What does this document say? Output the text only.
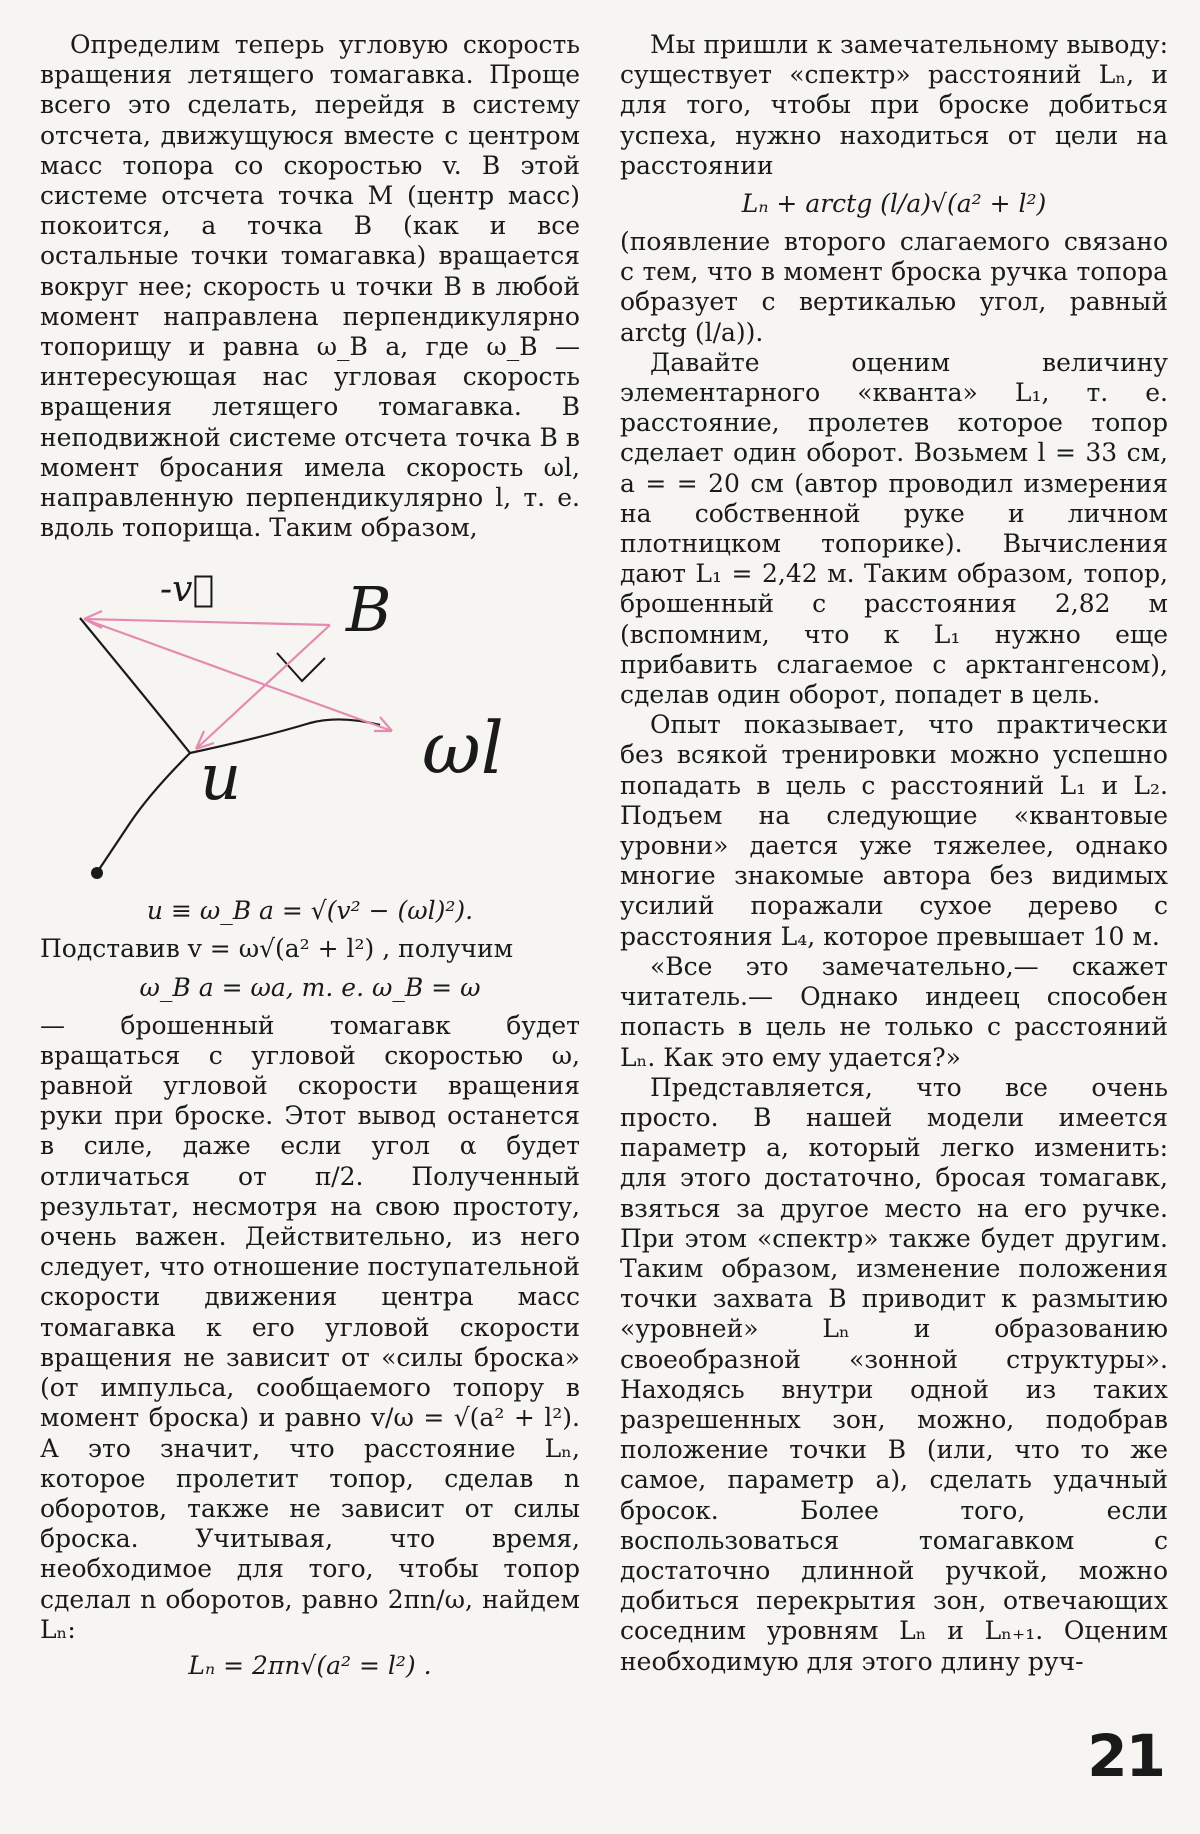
Определим теперь угловую скорость вращения летящего томагавка. Проще всего это сделать, перейдя в систему отсчета, движущуюся вместе с центром масс топора со скоростью v. В этой системе отсчета точка M (центр масс) покоится, а точка B (как и все остальные точки томагавка) вращается вокруг нее; скорость u точки B в любой момент направлена перпендикулярно топорищу и равна ω_B a, где ω_B — интересующая нас угловая скорость вращения летящего томагавка. В неподвижной системе отсчета точка B в момент бросания имела скорость ωl, направленную перпендикулярно l, т. е. вдоль топорища. Таким образом,

-v⃗ B
u	ωl
u ≡ ω_B a = √(v² − (ωl)²).

Подставив v = ω√(a² + l²) , получим

ω_B a = ωa, т. е. ω_B = ω

— брошенный томагавк будет вращаться с угловой скоростью ω, равной угловой скорости вращения руки при броске. Этот вывод останется в силе, даже если угол α будет отличаться от π/2. Полученный результат, несмотря на свою простоту, очень важен. Действительно, из него следует, что отношение поступательной скорости движения центра масс томагавка к его угловой скорости вращения не зависит от «силы броска» (от импульса, сообщаемого топору в момент броска) и равно v/ω = √(a² + l²). А это значит, что расстояние Lₙ, которое пролетит топор, сделав n оборотов, также не зависит от силы броска. Учитывая, что время, необходимое для того, чтобы топор сделал n оборотов, равно 2πn/ω, найдем Lₙ:

Lₙ = 2πn√(a² = l²) .

Мы пришли к замечательному выводу: существует «спектр» расстояний Lₙ, и для того, чтобы при броске добиться успеха, нужно находиться от цели на расстоянии

Lₙ + arctg (l/a)√(a² + l²)

(появление второго слагаемого связано с тем, что в момент броска ручка топора образует с вертикалью угол, равный arctg (l/a)).

Давайте оценим величину элементарного «кванта» L₁, т. е. расстояние, пролетев которое топор сделает один оборот. Возьмем l = 33 см, a = = 20 см (автор проводил измерения на собственной руке и личном плотницком топорике). Вычисления дают L₁ = 2,42 м. Таким образом, топор, брошенный с расстояния 2,82 м (вспомним, что к L₁ нужно еще прибавить слагаемое с арктангенсом), сделав один оборот, попадет в цель.

Опыт показывает, что практически без всякой тренировки можно успешно попадать в цель с расстояний L₁ и L₂. Подъем на следующие «квантовые уровни» дается уже тяжелее, однако многие знакомые автора без видимых усилий поражали сухое дерево с расстояния L₄, которое превышает 10 м.

«Все это замечательно,— скажет читатель.— Однако индеец способен попасть в цель не только с расстояний Lₙ. Как это ему удается?»

Представляется, что все очень просто. В нашей модели имеется параметр a, который легко изменить: для этого достаточно, бросая томагавк, взяться за другое место на его ручке. При этом «спектр» также будет другим. Таким образом, изменение положения точки захвата B приводит к размытию «уровней» Lₙ и образованию своеобразной «зонной структуры». Находясь внутри одной из таких разрешенных зон, можно, подобрав положение точки B (или, что то же самое, параметр a), сделать удачный бросок. Более того, если воспользоваться томагавком с достаточно длинной ручкой, можно добиться перекрытия зон, отвечающих соседним уровням Lₙ и Lₙ₊₁. Оценим необходимую для этого длину руч-

21
